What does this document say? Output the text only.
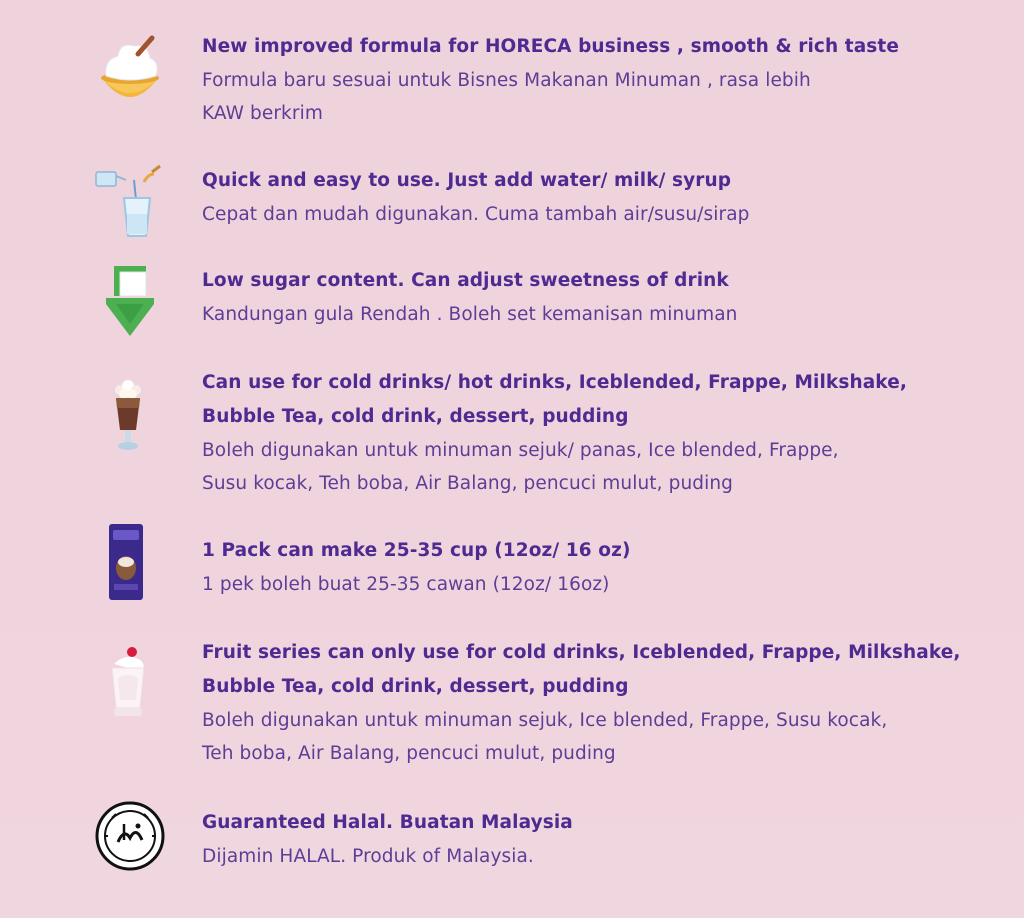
New improved formula for HORECA business , smooth & rich taste
Formula baru sesuai untuk Bisnes Makanan Minuman , rasa lebih
KAW berkrim
Quick and easy to use. Just add water/ milk/ syrup
Cepat dan mudah digunakan. Cuma tambah air/susu/sirap
Low sugar content. Can adjust sweetness of drink
Kandungan gula Rendah . Boleh set kemanisan minuman
Can use for cold drinks/ hot drinks, Iceblended, Frappe, Milkshake,
Bubble Tea, cold drink, dessert, pudding
Boleh digunakan untuk minuman sejuk/ panas, Ice blended, Frappe,
Susu kocak, Teh boba, Air Balang, pencuci mulut, puding
1 Pack can make 25-35 cup (12oz/ 16 oz)
1 pek boleh buat 25-35 cawan (12oz/ 16oz)
Fruit series can only use for cold drinks, Iceblended, Frappe, Milkshake,
Bubble Tea, cold drink, dessert, pudding
Boleh digunakan untuk minuman sejuk, Ice blended, Frappe, Susu kocak,
Teh boba, Air Balang, pencuci mulut, puding
Guaranteed Halal. Buatan Malaysia
Dijamin HALAL. Produk of Malaysia.
